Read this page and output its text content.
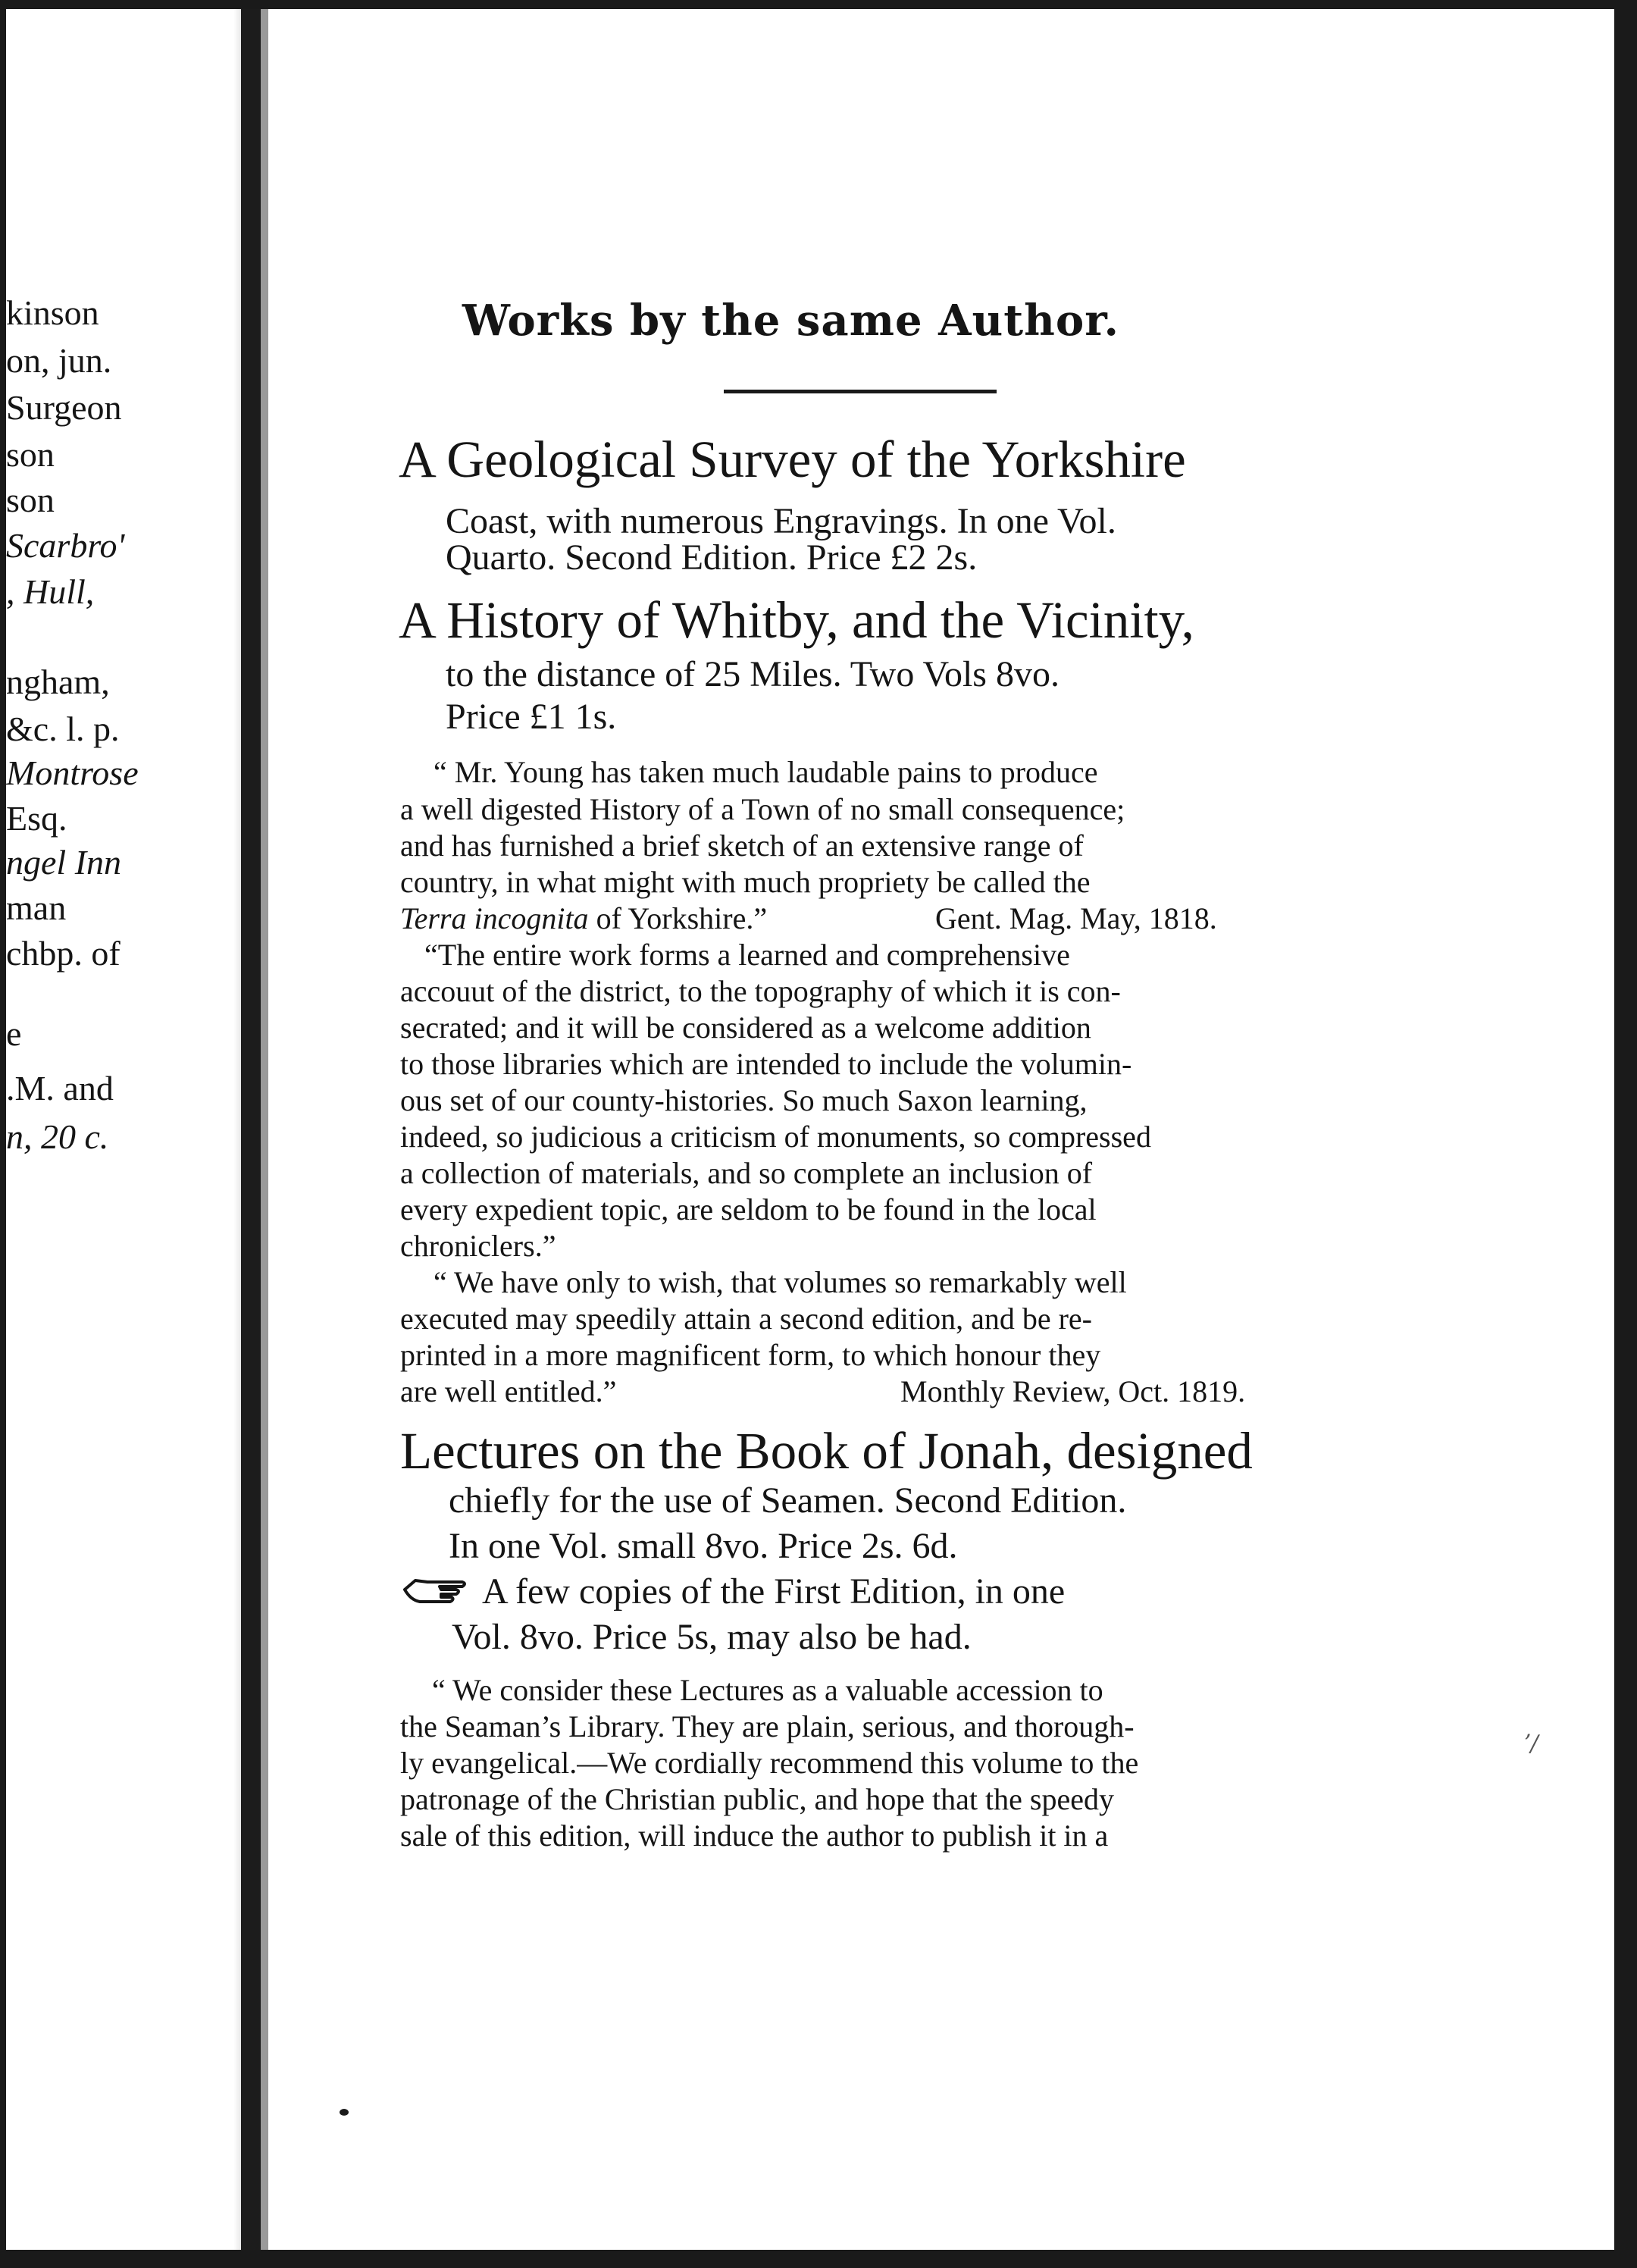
kinson
on, jun.
Surgeon
son
son
Scarbro'
, Hull,
ngham,
&c. l. p.
Montrose
Esq.
ngel Inn
man
chbp. of
e
.M. and
n, 20 c.
Works by the same Author.
A Geological Survey of the Yorkshire
Coast, with numerous Engravings. In one Vol.
Quarto. Second Edition. Price £2 2s.
A History of Whitby, and the Vicinity,
to the distance of 25 Miles. Two Vols 8vo.
Price £1 1s.
“ Mr. Young has taken much laudable pains to produce
a well digested History of a Town of no small consequence;
and has furnished a brief sketch of an extensive range of
country, in what might with much propriety be called the
Terra incognita of Yorkshire.”	Gent. Mag. May, 1818.
“The entire work forms a learned and comprehensive
accouut of the district, to the topography of which it is con-
secrated; and it will be considered as a welcome addition
to those libraries which are intended to include the volumin-
ous set of our county-histories. So much Saxon learning,
indeed, so judicious a criticism of monuments, so compressed
a collection of materials, and so complete an inclusion of
every expedient topic, are seldom to be found in the local
chroniclers.”
“ We have only to wish, that volumes so remarkably well
executed may speedily attain a second edition, and be re-
printed in a more magnificent form, to which honour they
are well entitled.”	Monthly Review, Oct. 1819.
Lectures on the Book of Jonah, designed
chiefly for the use of Seamen. Second Edition.
In one Vol. small 8vo. Price 2s. 6d.
A few copies of the First Edition, in one
Vol. 8vo. Price 5s, may also be had.
“ We consider these Lectures as a valuable accession to
the Seaman’s Library. They are plain, serious, and thorough-
ly evangelical.—We cordially recommend this volume to the
patronage of the Christian public, and hope that the speedy
sale of this edition, will induce the author to publish it in a
ʼ/
